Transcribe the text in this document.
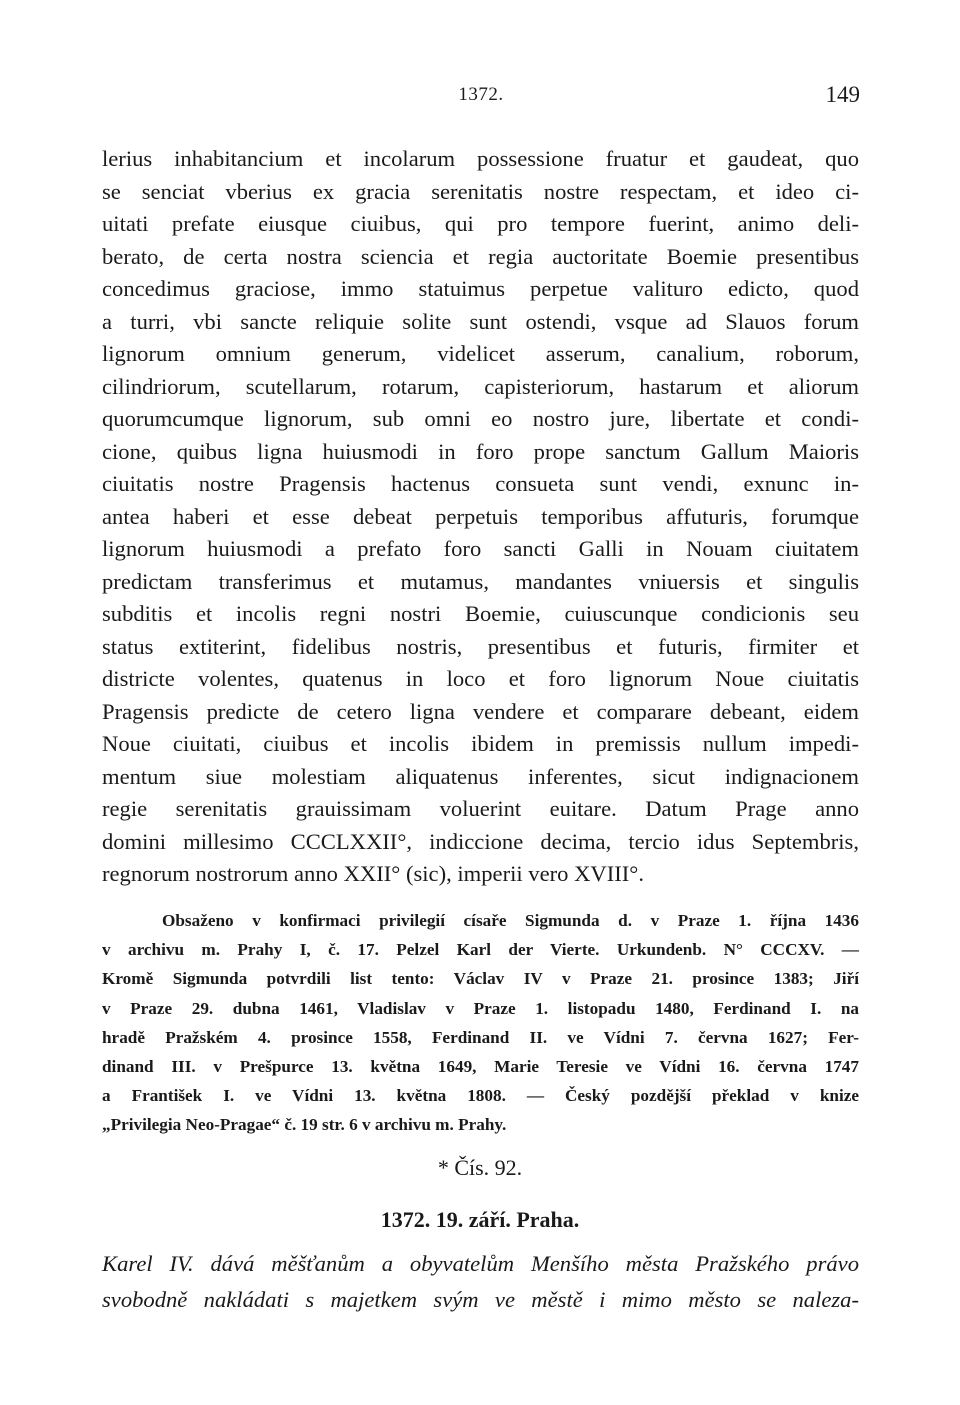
1372.	149
lerius inhabitancium et incolarum possessione fruatur et gaudeat, quo
se senciat vberius ex gracia serenitatis nostre respectam, et ideo ci-
uitati prefate eiusque ciuibus, qui pro tempore fuerint, animo deli-
berato, de certa nostra sciencia et regia auctoritate Boemie presentibus
concedimus graciose, immo statuimus perpetue valituro edicto, quod
a turri, vbi sancte reliquie solite sunt ostendi, vsque ad Slauos forum
lignorum omnium generum, videlicet asserum, canalium, roborum,
cilindriorum, scutellarum, rotarum, capisteriorum, hastarum et aliorum
quorumcumque lignorum, sub omni eo nostro jure, libertate et condi-
cione, quibus ligna huiusmodi in foro prope sanctum Gallum Maioris
ciuitatis nostre Pragensis hactenus consueta sunt vendi, exnunc in-
antea haberi et esse debeat perpetuis temporibus affuturis, forumque
lignorum huiusmodi a prefato foro sancti Galli in Nouam ciuitatem
predictam transferimus et mutamus, mandantes vniuersis et singulis
subditis et incolis regni nostri Boemie, cuiuscunque condicionis seu
status extiterint, fidelibus nostris, presentibus et futuris, firmiter et
districte volentes, quatenus in loco et foro lignorum Noue ciuitatis
Pragensis predicte de cetero ligna vendere et comparare debeant, eidem
Noue ciuitati, ciuibus et incolis ibidem in premissis nullum impedi-
mentum siue molestiam aliquatenus inferentes, sicut indignacionem
regie serenitatis grauissimam voluerint euitare. Datum Prage anno
domini millesimo CCCLXXII°, indiccione decima, tercio idus Septembris,
regnorum nostrorum anno XXII° (sic), imperii vero XVIII°.
Obsaženo v konfirmaci privilegií císaře Sigmunda d. v Praze 1. října 1436
v archivu m. Prahy I, č. 17. Pelzel Karl der Vierte. Urkundenb. N° CCCXV. —
Kromě Sigmunda potvrdili list tento: Václav IV v Praze 21. prosince 1383; Jiří
v Praze 29. dubna 1461, Vladislav v Praze 1. listopadu 1480, Ferdinand I. na
hradě Pražském 4. prosince 1558, Ferdinand II. ve Vídni 7. června 1627; Fer-
dinand III. v Prešpurce 13. května 1649, Marie Teresie ve Vídni 16. června 1747
a František I. ve Vídni 13. května 1808. — Český pozdější překlad v knize
„Privilegia Neo-Pragae“ č. 19 str. 6 v archivu m. Prahy.
* Čís. 92.
1372. 19. září. Praha.
Karel IV. dává měšťanům a obyvatelům Menšího města Pražského právo
svobodně nakládati s majetkem svým ve městě i mimo město se naleza-
